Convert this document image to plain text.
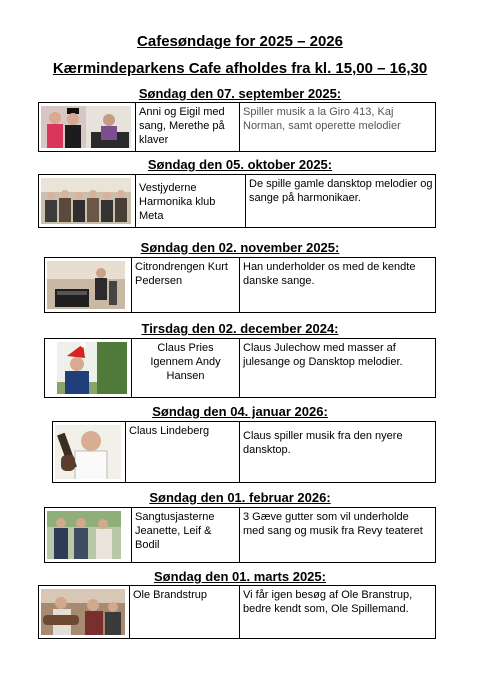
Cafesøndage for 2025 – 2026
Kærmindeparkens Cafe afholdes fra kl. 15,00 – 16,30
Søndag den 07. september 2025:
Anni og Eigil med sang, Merethe på klaver
Spiller musik a la Giro 413, Kaj Norman, samt operette melodier
Søndag den 05. oktober 2025:
Vestjyderne Harmonika klub Meta
De spille gamle dansktop melodier og sange på harmonikaer.
Søndag den 02. november 2025:
Citrondrengen Kurt Pedersen
Han underholder os med de kendte danske sange.
Tirsdag den 02. december 2024:
Claus Pries Igennem Andy Hansen
Claus Julechow med masser af julesange og Dansktop melodier.
Søndag den 04. januar 2026:
Claus Lindeberg	Claus spiller musik fra den nyere dansktop.
Søndag den 01. februar 2026:
Sangtusjasterne Jeanette, Leif & Bodil
3 Gæve gutter som vil underholde med sang og musik fra Revy teateret
Søndag den 01. marts 2025:
Ole Brandstrup	Vi får igen besøg af Ole Branstrup, bedre kendt som, Ole Spillemand.
